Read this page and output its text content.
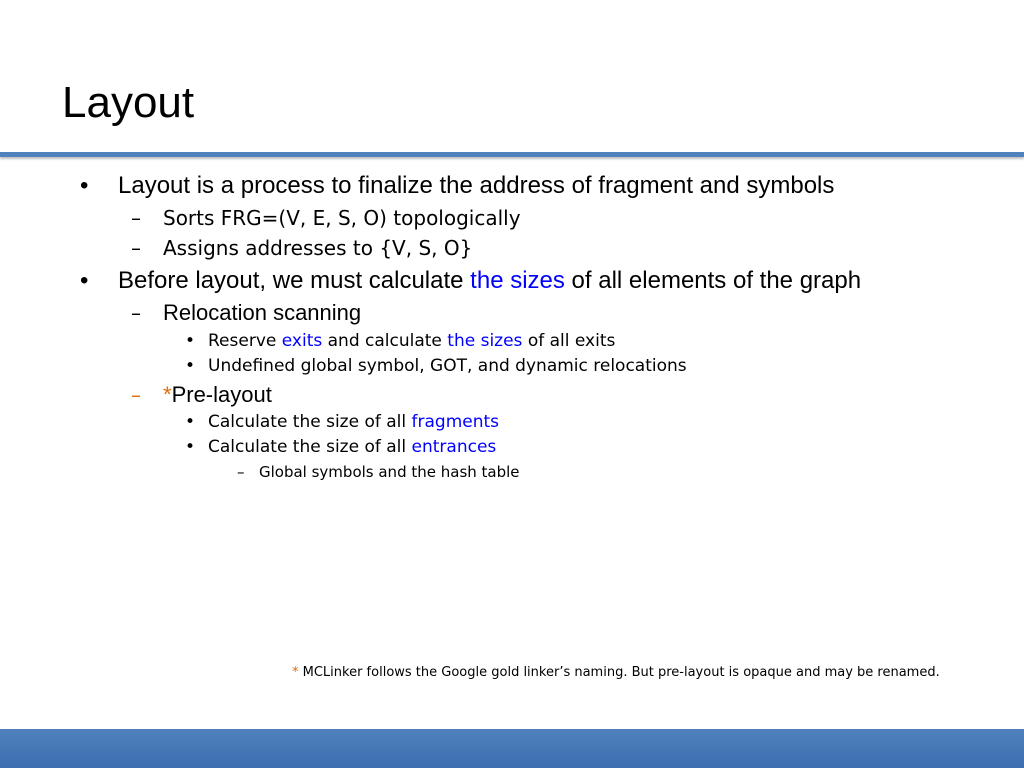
Layout
• Layout is a process to finalize the address of fragment and symbols
– Sorts FRG=(V, E, S, O) topologically
– Assigns addresses to {V, S, O}
• Before layout, we must calculate the sizes of all elements of the graph
– Relocation scanning
• Reserve exits and calculate the sizes of all exits
• Undefined global symbol, GOT, and dynamic relocations
– *Pre-layout
• Calculate the size of all fragments
• Calculate the size of all entrances
– Global symbols and the hash table
* MCLinker follows the Google gold linker’s naming. But pre-layout is opaque and may be renamed.
